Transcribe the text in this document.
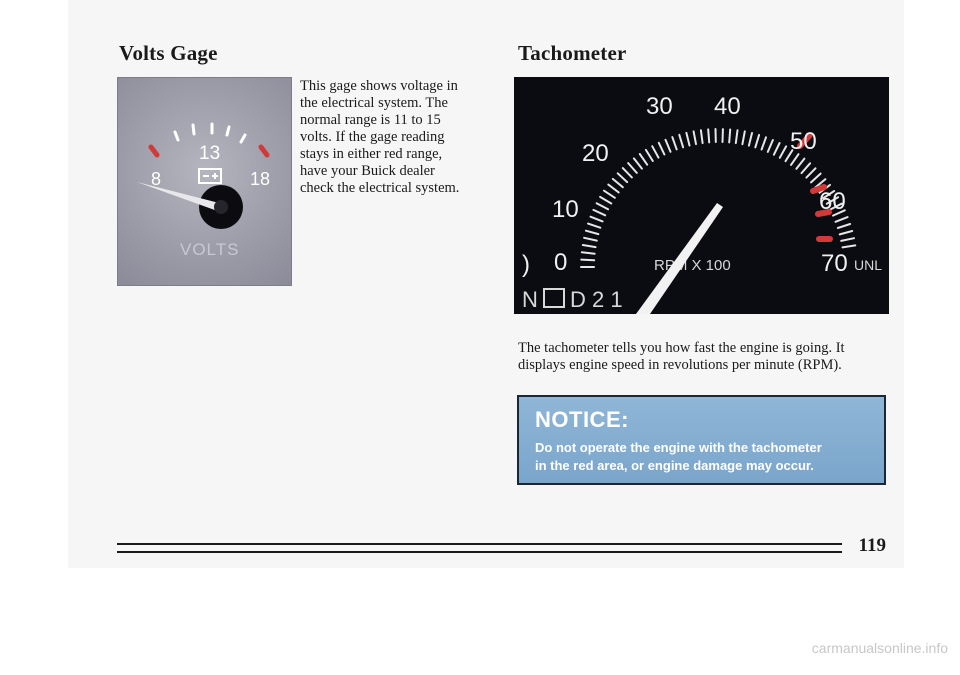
Volts Gage
13
8	18
VOLTS
This gage shows voltage in
the electrical system. The
normal range is 11 to 15
volts. If the gage reading
stays in either red range,
have your Buick dealer
check the electrical system.
Tachometer
) 0
10
20
30 40
50
60
70 UNL
RPM X 100
N D 2 1
The tachometer tells you how fast the engine is going. It
displays engine speed in revolutions per minute (RPM).
NOTICE:
Do not operate the engine with the tachometer
in the red area, or engine damage may occur.
119
carmanualsonline.info
